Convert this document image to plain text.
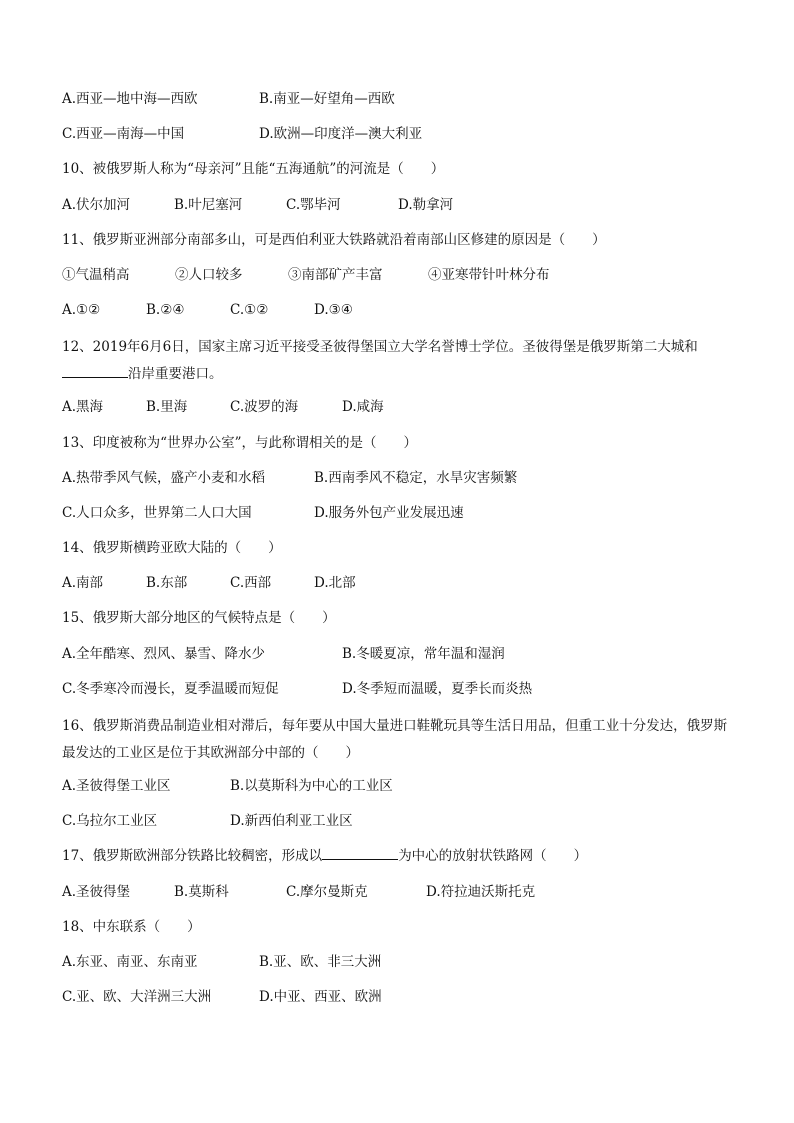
A.西亚—地中海—西欧	B.南亚—好望角—西欧
C.西亚—南海—中国	D.欧洲—印度洋—澳大利亚
10、被俄罗斯人称为“母亲河”且能“五海通航”的河流是（　　）
A.伏尔加河	B.叶尼塞河	C.鄂毕河	D.勒拿河
11、俄罗斯亚洲部分南部多山，可是西伯利亚大铁路就沿着南部山区修建的原因是（　　）
①气温稍高	②人口较多	③南部矿产丰富	④亚寒带针叶林分布
A.①②	B.②④	C.①②	D.③④
12、2019年6月6日，国家主席习近平接受圣彼得堡国立大学名誉博士学位。圣彼得堡是俄罗斯第二大城和沿岸重要港口。
A.黑海	B.里海	C.波罗的海	D.咸海
13、印度被称为“世界办公室”，与此称谓相关的是（　　）
A.热带季风气候，盛产小麦和水稻	B.西南季风不稳定，水旱灾害频繁
C.人口众多，世界第二人口大国	D.服务外包产业发展迅速
14、俄罗斯横跨亚欧大陆的（　　）
A.南部	B.东部	C.西部	D.北部
15、俄罗斯大部分地区的气候特点是（　　）
A.全年酷寒、烈风、暴雪、降水少	B.冬暖夏凉，常年温和湿润
C.冬季寒冷而漫长，夏季温暖而短促	D.冬季短而温暖，夏季长而炎热
16、俄罗斯消费品制造业相对滞后，每年要从中国大量进口鞋靴玩具等生活日用品，但重工业十分发达，俄罗斯最发达的工业区是位于其欧洲部分中部的（　　）
A.圣彼得堡工业区	B.以莫斯科为中心的工业区
C.乌拉尔工业区	D.新西伯利亚工业区
17、俄罗斯欧洲部分铁路比较稠密，形成以	为中心的放射状铁路网（　　）
A.圣彼得堡	B.莫斯科	C.摩尔曼斯克	D.符拉迪沃斯托克
18、中东联系（　　）
A.东亚、南亚、东南亚	B.亚、欧、非三大洲
C.亚、欧、大洋洲三大洲	D.中亚、西亚、欧洲
